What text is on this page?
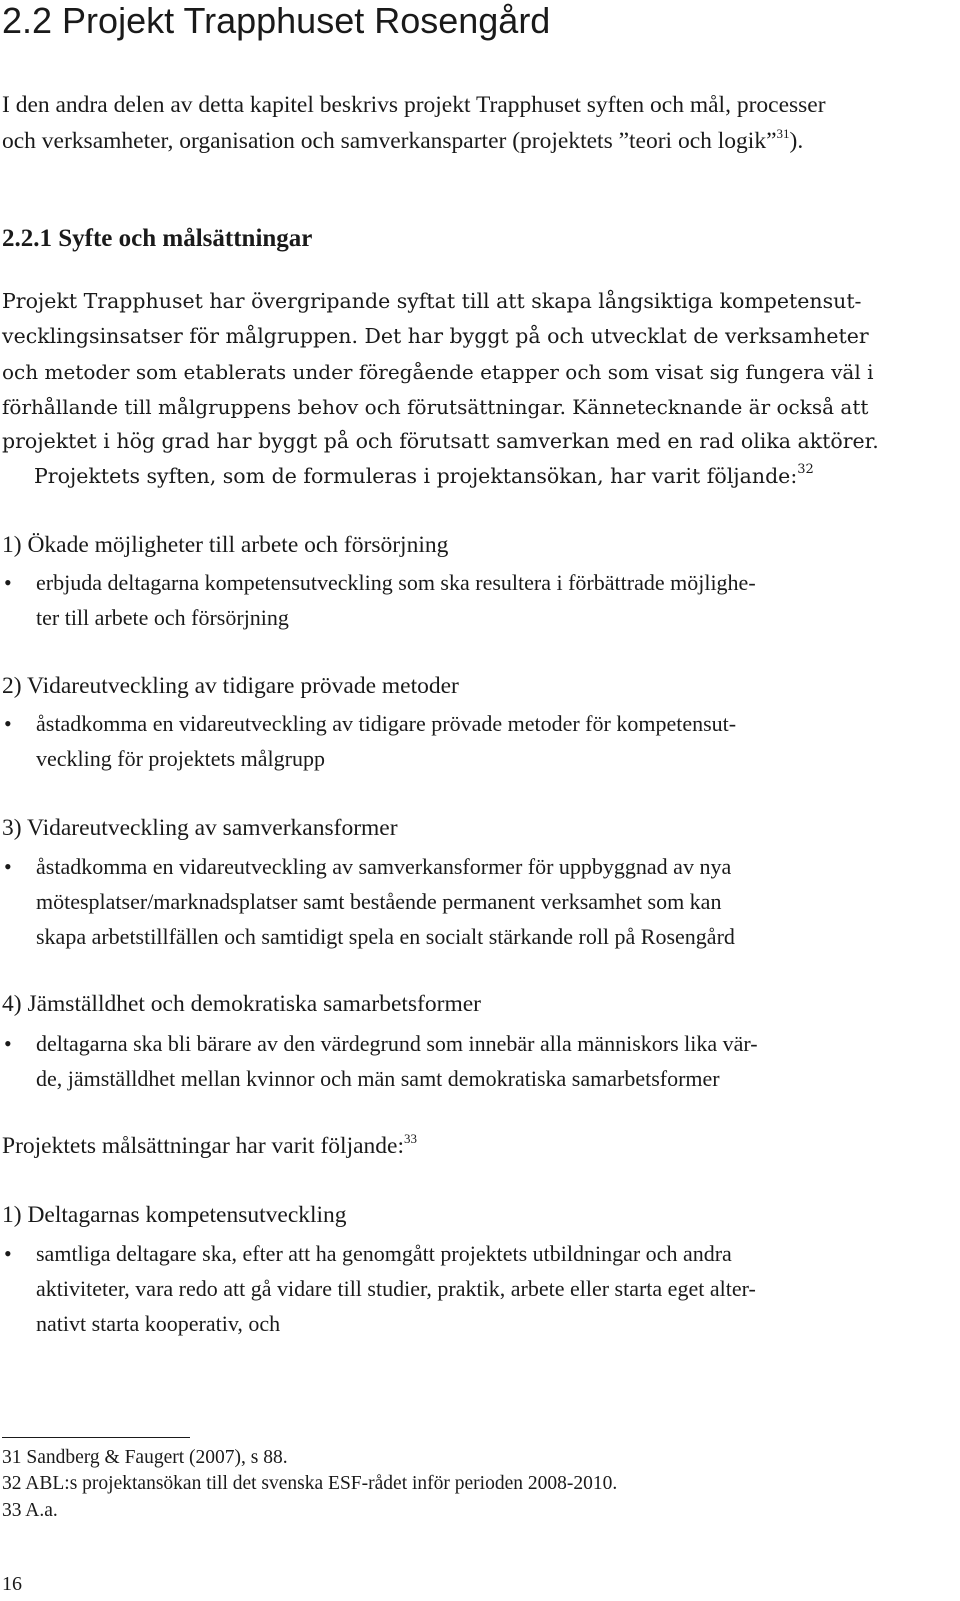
2.2 Projekt Trapphuset Rosengård
I den andra delen av detta kapitel beskrivs projekt Trapphuset syften och mål, processer
och verksamheter, organisation och samverkansparter (projektets ”teori och logik”$^{31}$).
2.2.1 Syfte och målsättningar
Projekt Trapphuset har övergripande syftat till att skapa långsiktiga kompetensut-
vecklingsinsatser för målgruppen. Det har byggt på och utvecklat de verksamheter
och metoder som etablerats under föregående etapper och som visat sig fungera väl i
förhållande till målgruppens behov och förutsättningar. Kännetecknande är också att
projektet i hög grad har byggt på och förutsatt samverkan med en rad olika aktörer.
Projektets syften, som de formuleras i projektansökan, har varit följande:$^{32}$
1) Ökade möjligheter till arbete och försörjning
• erbjuda deltagarna kompetensutveckling som ska resultera i förbättrade möjlighe-
ter till arbete och försörjning
2) Vidareutveckling av tidigare prövade metoder
• åstadkomma en vidareutveckling av tidigare prövade metoder för kompetensut-
veckling för projektets målgrupp
3) Vidareutveckling av samverkansformer
• åstadkomma en vidareutveckling av samverkansformer för uppbyggnad av nya
mötesplatser/marknadsplatser samt bestående permanent verksamhet som kan
skapa arbetstillfällen och samtidigt spela en socialt stärkande roll på Rosengård
4) Jämställdhet och demokratiska samarbetsformer
• deltagarna ska bli bärare av den värdegrund som innebär alla människors lika vär-
de, jämställdhet mellan kvinnor och män samt demokratiska samarbetsformer
Projektets målsättningar har varit följande:$^{33}$
1) Deltagarnas kompetensutveckling
• samtliga deltagare ska, efter att ha genomgått projektets utbildningar och andra
aktiviteter, vara redo att gå vidare till studier, praktik, arbete eller starta eget alter-
nativt starta kooperativ, och
31 Sandberg & Faugert (2007), s 88.
32 ABL:s projektansökan till det svenska ESF-rådet inför perioden 2008-2010.
33 A.a.
16
